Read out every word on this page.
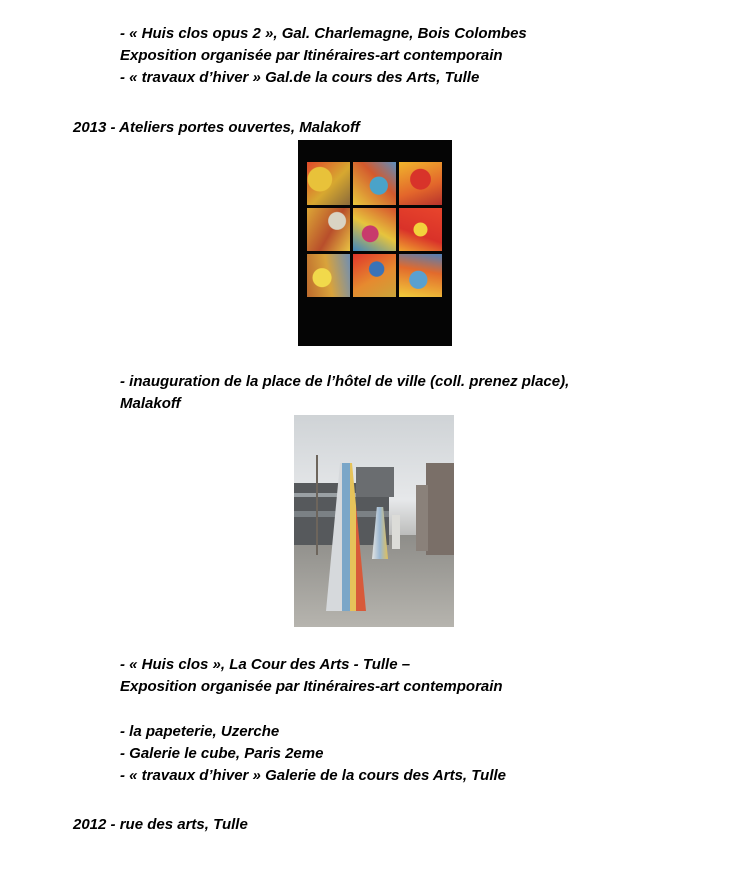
- « Huis clos opus 2 », Gal. Charlemagne, Bois Colombes
Exposition organisée par Itinéraires-art contemporain
- « travaux d’hiver » Gal.de la cours des Arts, Tulle
2013 - Ateliers portes ouvertes, Malakoff
- inauguration de la place de l’hôtel de ville (coll. prenez place),
Malakoff
- « Huis clos », La Cour des Arts - Tulle –
Exposition organisée par Itinéraires-art contemporain
- la papeterie, Uzerche
- Galerie le cube, Paris 2eme
- « travaux d’hiver » Galerie de la cours des Arts, Tulle
2012 - rue des arts, Tulle
